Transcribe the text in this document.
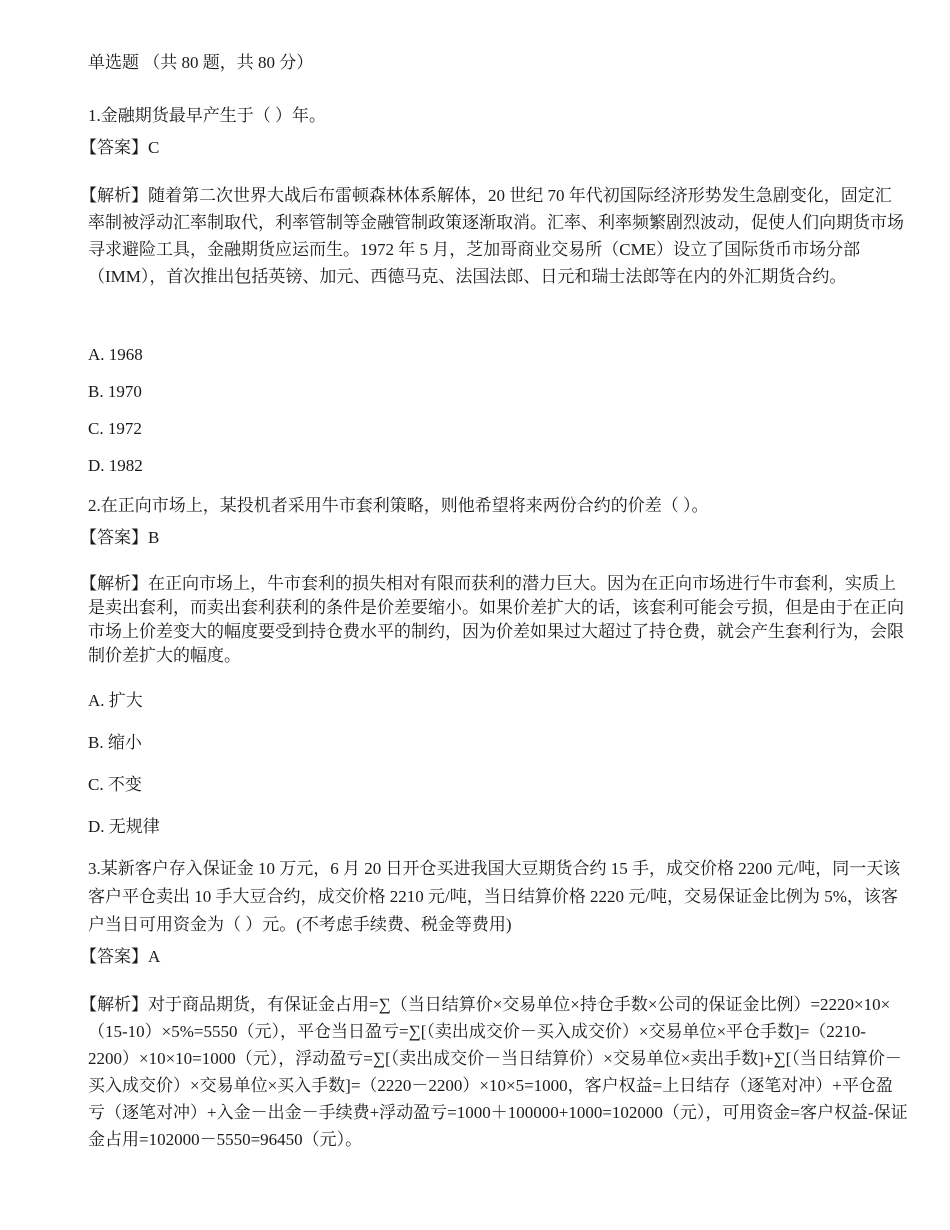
单选题 （共 80 题，共 80 分）
1.金融期货最早产生于（ ）年。
【答案】C
【解析】随着第二次世界大战后布雷顿森林体系解体，20 世纪 70 年代初国际经济形势发生急剧变化，固定汇率制被浮动汇率制取代，利率管制等金融管制政策逐渐取消。汇率、利率频繁剧烈波动，促使人们向期货市场寻求避险工具，金融期货应运而生。1972 年 5 月，芝加哥商业交易所（CME）设立了国际货币市场分部（IMM），首次推出包括英镑、加元、西德马克、法国法郎、日元和瑞士法郎等在内的外汇期货合约。
A. 1968
B. 1970
C. 1972
D. 1982
2.在正向市场上，某投机者采用牛市套利策略，则他希望将来两份合约的价差（ ）。
【答案】B
【解析】在正向市场上，牛市套利的损失相对有限而获利的潜力巨大。因为在正向市场进行牛市套利，实质上是卖出套利，而卖出套利获利的条件是价差要缩小。如果价差扩大的话，该套利可能会亏损，但是由于在正向市场上价差变大的幅度要受到持仓费水平的制约，因为价差如果过大超过了持仓费，就会产生套利行为，会限制价差扩大的幅度。
A. 扩大
B. 缩小
C. 不变
D. 无规律
3.某新客户存入保证金 10 万元，6 月 20 日开仓买进我国大豆期货合约 15 手，成交价格 2200 元/吨，同一天该客户平仓卖出 10 手大豆合约，成交价格 2210 元/吨，当日结算价格 2220 元/吨，交易保证金比例为 5%，该客户当日可用资金为（ ）元。(不考虑手续费、税金等费用)
【答案】A
【解析】对于商品期货，有保证金占用=∑（当日结算价×交易单位×持仓手数×公司的保证金比例）=2220×10×（15-10）×5%=5550（元），平仓当日盈亏=∑[（卖出成交价－买入成交价）×交易单位×平仓手数]=（2210-2200）×10×10=1000（元），浮动盈亏=∑[（卖出成交价－当日结算价）×交易单位×卖出手数]+∑[（当日结算价－买入成交价）×交易单位×买入手数]=（2220－2200）×10×5=1000，客户权益=上日结存（逐笔对冲）+平仓盈亏（逐笔对冲）+入金－出金－手续费+浮动盈亏=1000＋100000+1000=102000（元），可用资金=客户权益-保证金占用=102000－5550=96450（元）。
